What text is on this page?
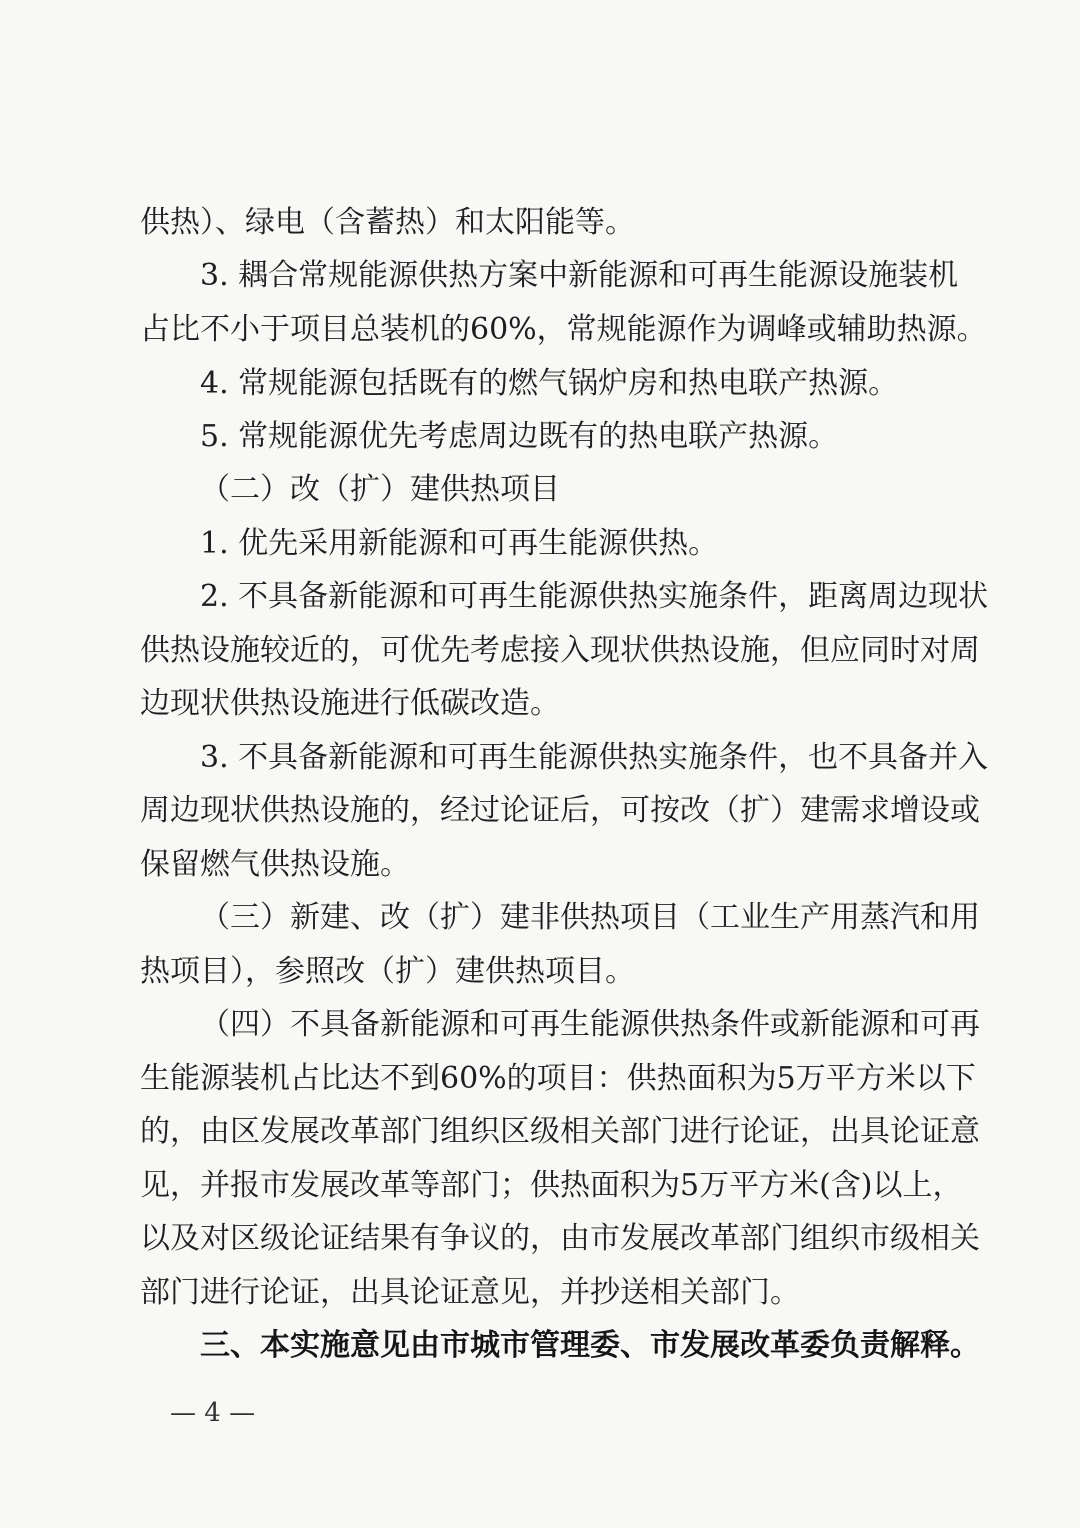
供热）、绿电（含蓄热）和太阳能等。
3. 耦合常规能源供热方案中新能源和可再生能源设施装机
占比不小于项目总装机的60%，常规能源作为调峰或辅助热源。
4. 常规能源包括既有的燃气锅炉房和热电联产热源。
5. 常规能源优先考虑周边既有的热电联产热源。
（二）改（扩）建供热项目
1. 优先采用新能源和可再生能源供热。
2. 不具备新能源和可再生能源供热实施条件，距离周边现状
供热设施较近的，可优先考虑接入现状供热设施，但应同时对周
边现状供热设施进行低碳改造。
3. 不具备新能源和可再生能源供热实施条件，也不具备并入
周边现状供热设施的，经过论证后，可按改（扩）建需求增设或
保留燃气供热设施。
（三）新建、改（扩）建非供热项目（工业生产用蒸汽和用
热项目），参照改（扩）建供热项目。
（四）不具备新能源和可再生能源供热条件或新能源和可再
生能源装机占比达不到60%的项目：供热面积为5万平方米以下
的，由区发展改革部门组织区级相关部门进行论证，出具论证意
见，并报市发展改革等部门；供热面积为5万平方米(含)以上，
以及对区级论证结果有争议的，由市发展改革部门组织市级相关
部门进行论证，出具论证意见，并抄送相关部门。
三、本实施意见由市城市管理委、市发展改革委负责解释。
— 4 —
